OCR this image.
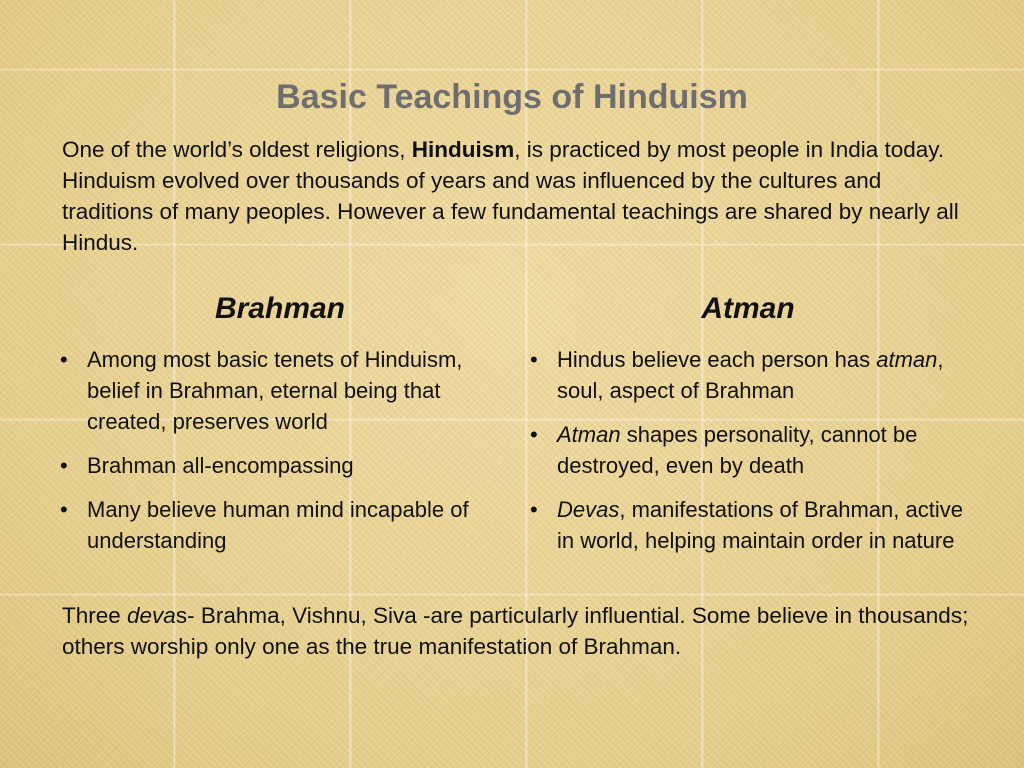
Basic Teachings of Hinduism

One of the world’s oldest religions, Hinduism, is practiced by most people in India today. Hinduism evolved over thousands of years and was influenced by the cultures and traditions of many peoples. However a few fundamental teachings are shared by nearly all Hindus.

Brahman	Atman
• Among most basic tenets of Hinduism, belief in Brahman, eternal being that created, preserves world
• Brahman all-encompassing
• Many believe human mind incapable of understanding
• Hindus believe each person has atman, soul, aspect of Brahman
• Atman shapes personality, cannot be destroyed, even by death
• Devas, manifestations of Brahman, active in world, helping maintain order in nature

Three devas- Brahma, Vishnu, Siva -are particularly influential. Some believe in thousands; others worship only one as the true manifestation of Brahman.
